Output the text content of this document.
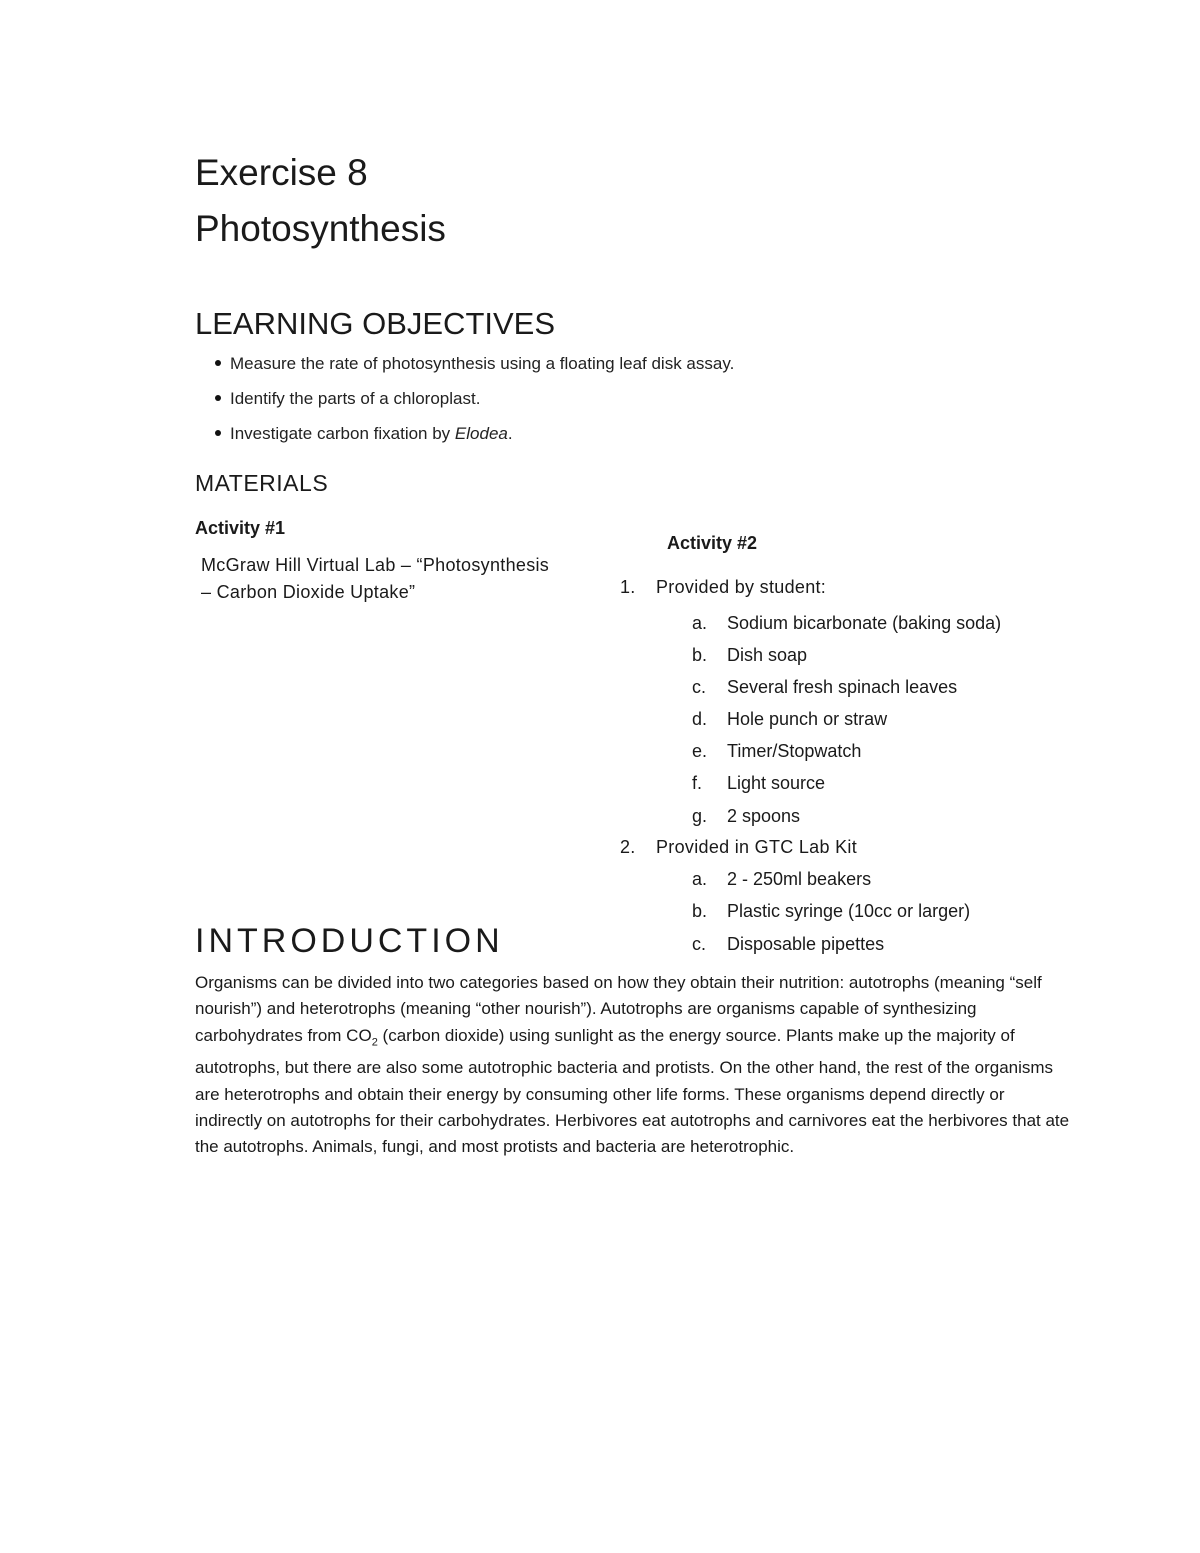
Exercise 8
Photosynthesis
LEARNING OBJECTIVES
Measure the rate of photosynthesis using a floating leaf disk assay.
Identify the parts of a chloroplast.
Investigate carbon fixation by Elodea.
MATERIALS
Activity #1
McGraw Hill Virtual Lab – “Photosynthesis – Carbon Dioxide Uptake”
Activity #2
1. Provided by student:
a. Sodium bicarbonate (baking soda)
b. Dish soap
c. Several fresh spinach leaves
d. Hole punch or straw
e. Timer/Stopwatch
f. Light source
g. 2 spoons
2. Provided in GTC Lab Kit
a. 2 - 250ml beakers
b. Plastic syringe (10cc or larger)
c. Disposable pipettes
INTRODUCTION
Organisms can be divided into two categories based on how they obtain their nutrition: autotrophs (meaning “self nourish”) and heterotrophs (meaning “other nourish”). Autotrophs are organisms capable of synthesizing carbohydrates from $CO_2$ (carbon dioxide) using sunlight as the energy source. Plants make up the majority of autotrophs, but there are also some autotrophic bacteria and protists. On the other hand, the rest of the organisms are heterotrophs and obtain their energy by consuming other life forms. These organisms depend directly or indirectly on autotrophs for their carbohydrates. Herbivores eat autotrophs and carnivores eat the herbivores that ate the autotrophs. Animals, fungi, and most protists and bacteria are heterotrophic.
